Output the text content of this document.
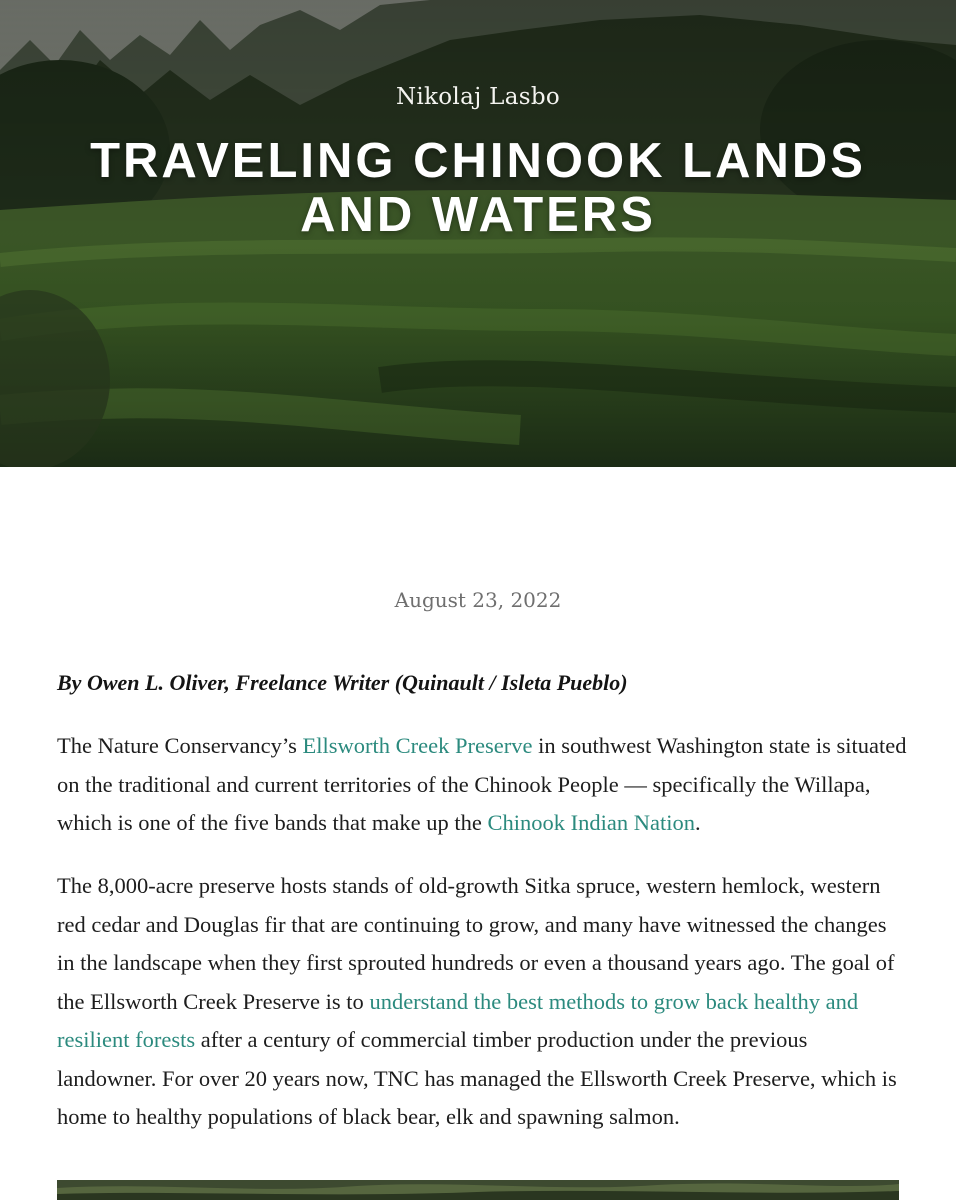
Nikolaj Lasbo
TRAVELING CHINOOK LANDS AND WATERS
August 23, 2022

By Owen L. Oliver, Freelance Writer (Quinault / Isleta Pueblo)

The Nature Conservancy’s Ellsworth Creek Preserve in southwest Washington state is situated on the traditional and current territories of the Chinook People — specifically the Willapa, which is one of the five bands that make up the Chinook Indian Nation.

The 8,000-acre preserve hosts stands of old-growth Sitka spruce, western hemlock, western red cedar and Douglas fir that are continuing to grow, and many have witnessed the changes in the landscape when they first sprouted hundreds or even a thousand years ago. The goal of the Ellsworth Creek Preserve is to understand the best methods to grow back healthy and resilient forests after a century of commercial timber production under the previous landowner. For over 20 years now, TNC has managed the Ellsworth Creek Preserve, which is home to healthy populations of black bear, elk and spawning salmon.
